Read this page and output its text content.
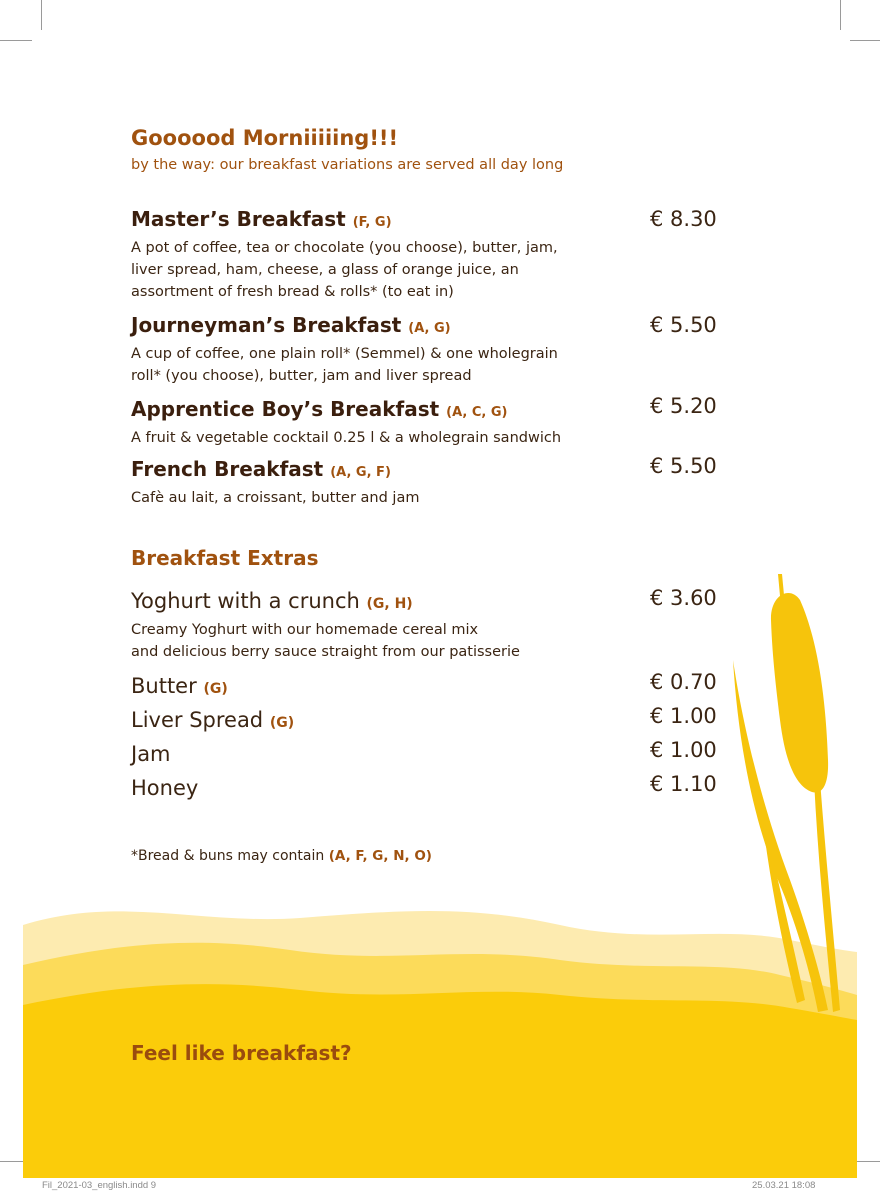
Goooood Morniiiiing!!!

by the way: our breakfast variations are served all day long

Master’s Breakfast (F, G)
A pot of coffee, tea or chocolate (you choose), butter, jam,
liver spread, ham, cheese, a glass of orange juice, an
assortment of fresh bread & rolls* (to eat in)
€ 8.30
Journeyman’s Breakfast (A, G)
A cup of coffee, one plain roll* (Semmel) & one wholegrain
roll* (you choose), butter, jam and liver spread
€ 5.50
Apprentice Boy’s Breakfast (A, C, G)
A fruit & vegetable cocktail 0.25 l & a wholegrain sandwich
€ 5.20
French Breakfast (A, G, F)
Cafè au lait, a croissant, butter and jam
€ 5.50
Breakfast Extras
Yoghurt with a crunch (G, H)
Creamy Yoghurt with our homemade cereal mix
and delicious berry sauce straight from our patisserie
€ 3.60
Butter (G)	€ 0.70
Liver Spread (G)	€ 1.00
Jam	€ 1.00
Honey	€ 1.10
*Bread & buns may contain (A, F, G, N, O)
Feel like breakfast?
Fil_2021-03_english.indd 9	25.03.21 18:08
